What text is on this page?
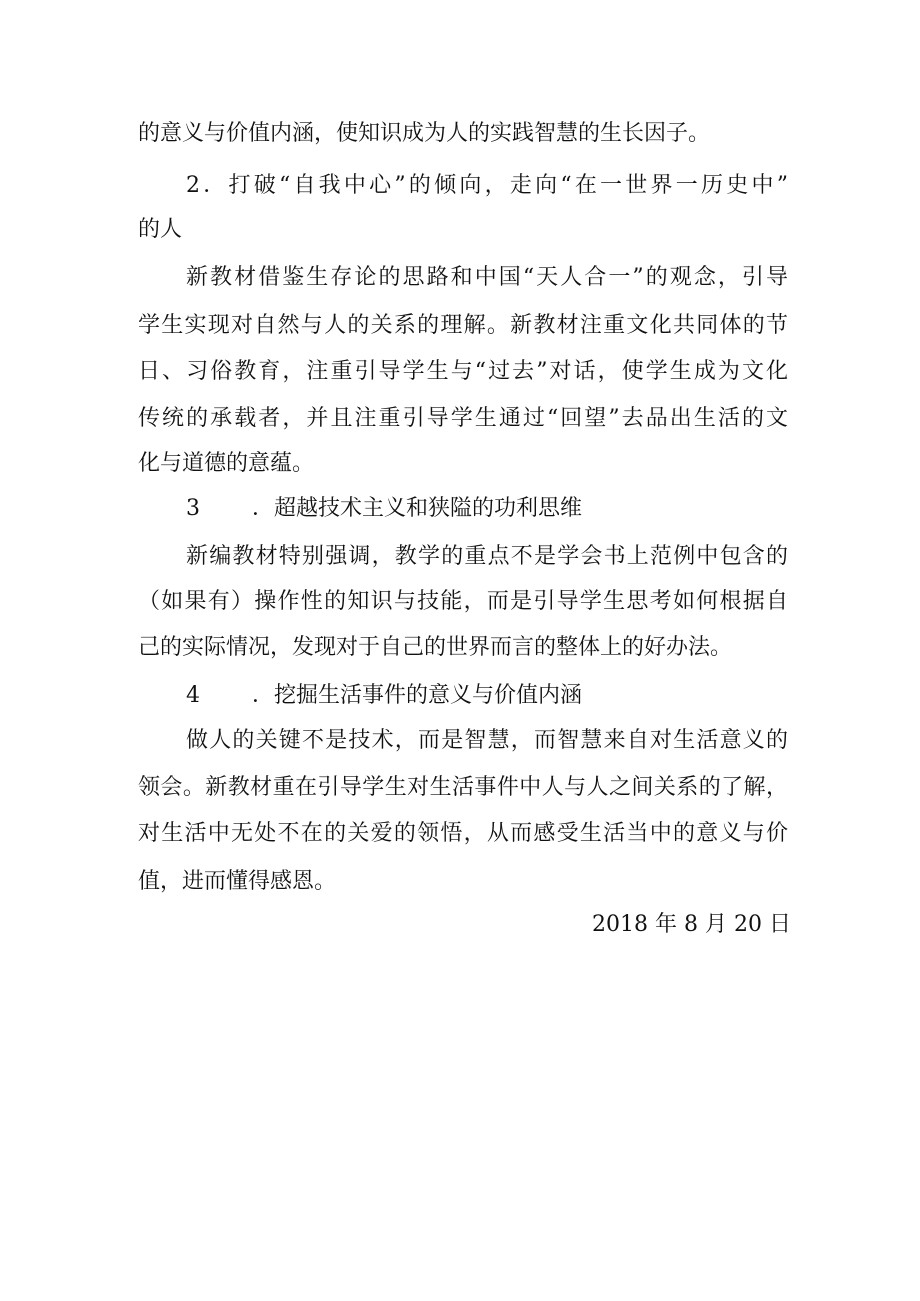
的意义与价值内涵，使知识成为人的实践智慧的生长因子。
2．打破“自我中心”的倾向，走向“在一世界一历史中”
的人
新教材借鉴生存论的思路和中国“天人合一”的观念，引导
学生实现对自然与人的关系的理解。新教材注重文化共同体的节
日、习俗教育，注重引导学生与“过去”对话，使学生成为文化
传统的承载者，并且注重引导学生通过“回望”去品出生活的文
化与道德的意蕴。
3 ．超越技术主义和狭隘的功利思维
新编教材特别强调，教学的重点不是学会书上范例中包含的
（如果有）操作性的知识与技能，而是引导学生思考如何根据自
己的实际情况，发现对于自己的世界而言的整体上的好办法。
4 ．挖掘生活事件的意义与价值内涵
做人的关键不是技术，而是智慧，而智慧来自对生活意义的
领会。新教材重在引导学生对生活事件中人与人之间关系的了解，
对生活中无处不在的关爱的领悟，从而感受生活当中的意义与价
值，进而懂得感恩。
2018 年 8 月 20 日
